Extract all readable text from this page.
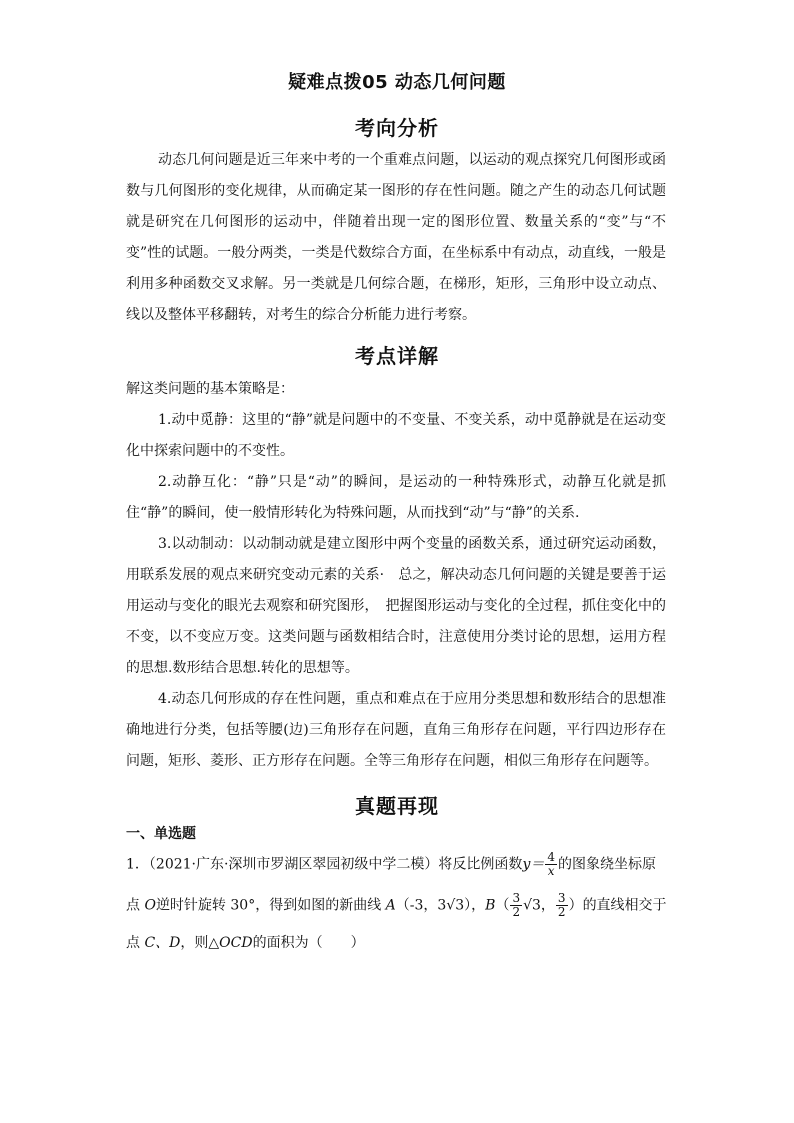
疑难点拨05 动态几何问题
考向分析
动态几何问题是近三年来中考的一个重难点问题，以运动的观点探究几何图形或函数与几何图形的变化规律，从而确定某一图形的存在性问题。随之产生的动态几何试题就是研究在几何图形的运动中，伴随着出现一定的图形位置、数量关系的“变”与“不变”性的试题。一般分两类，一类是代数综合方面，在坐标系中有动点，动直线，一般是利用多种函数交叉求解。另一类就是几何综合题，在梯形，矩形，三角形中设立动点、线以及整体平移翻转，对考生的综合分析能力进行考察。
考点详解
解这类问题的基本策略是：
1.动中觅静：这里的“静”就是问题中的不变量、不变关系，动中觅静就是在运动变化中探索问题中的不变性。
2.动静互化：“静”只是“动”的瞬间，是运动的一种特殊形式，动静互化就是抓住“静”的瞬间，使一般情形转化为特殊问题，从而找到“动”与“静”的关系.
3.以动制动：以动制动就是建立图形中两个变量的函数关系，通过研究运动函数，用联系发展的观点来研究变动元素的关系·　总之，解决动态几何问题的关键是要善于运用运动与变化的眼光去观察和研究图形，　把握图形运动与变化的全过程，抓住变化中的不变，以不变应万变。这类问题与函数相结合时，注意使用分类讨论的思想，运用方程的思想.数形结合思想.转化的思想等。
4.动态几何形成的存在性问题，重点和难点在于应用分类思想和数形结合的思想准确地进行分类，包括等腰(边)三角形存在问题，直角三角形存在问题，平行四边形存在问题，矩形、菱形、正方形存在问题。全等三角形存在问题，相似三角形存在问题等。
真题再现
一、单选题
1．（2021·广东·深圳市罗湖区翠园初级中学二模）将反比例函数$y= \frac{4}{x}$ 的图象绕坐标原
点 O逆时针旋转 30°，得到如图的新曲线 A（-3，3√3），$B( \frac{3}{2} √3$， $\frac{3}{2}$ ）的直线相交于
点 C、D，则△OCD的面积为（　　）
